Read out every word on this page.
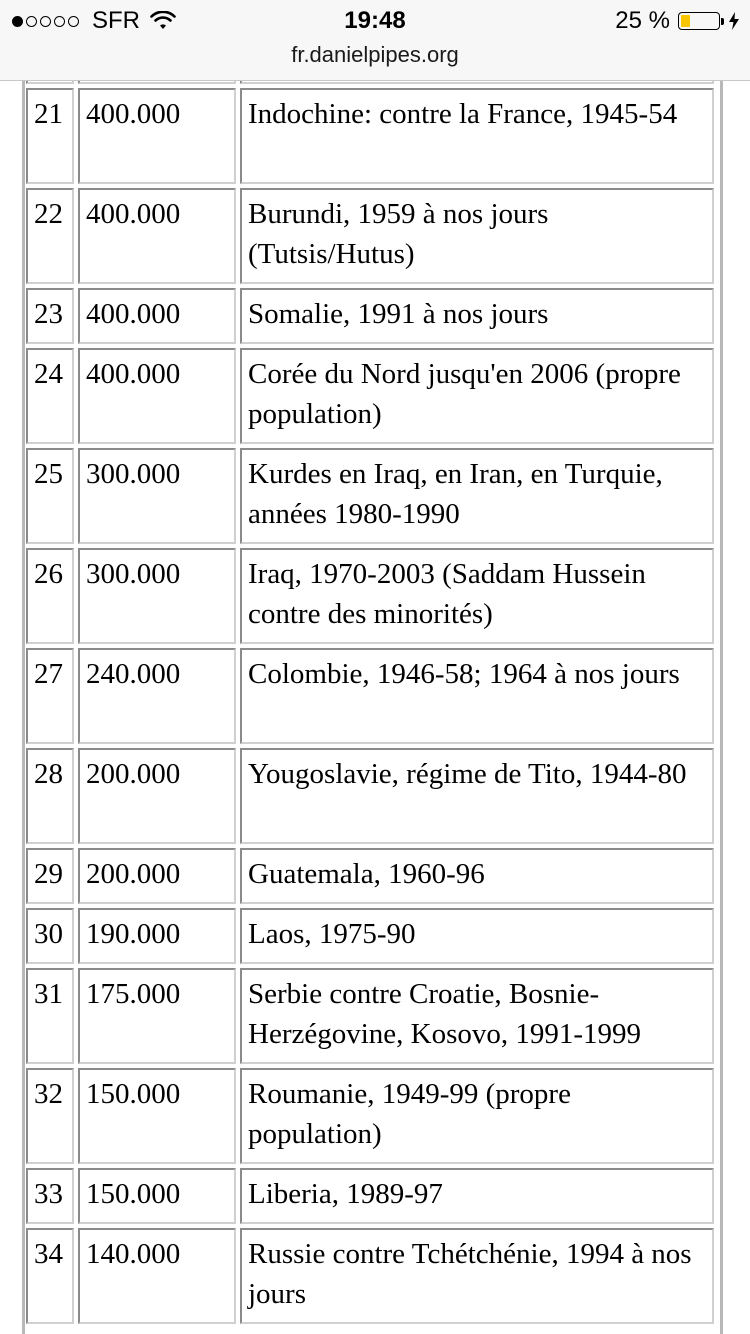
21	400.000	Indochine: contre la France, 1945-54
22	400.000	Burundi, 1959 à nos jours (Tutsis/Hutus)
23	400.000	Somalie, 1991 à nos jours
24	400.000	Corée du Nord jusqu'en 2006 (propre population)
25	300.000	Kurdes en Iraq, en Iran, en Turquie, années 1980-1990
26	300.000	Iraq, 1970-2003 (Saddam Hussein contre des minorités)
27	240.000	Colombie, 1946-58; 1964 à nos jours
28	200.000	Yougoslavie, régime de Tito, 1944-80
29	200.000	Guatemala, 1960-96
30	190.000	Laos, 1975-90
31	175.000	Serbie contre Croatie, Bosnie-Herzégovine, Kosovo, 1991-1999
32	150.000	Roumanie, 1949-99 (propre population)
33	150.000	Liberia, 1989-97
34	140.000	Russie contre Tchétchénie, 1994 à nos jours
SFR	19:48	25 %
fr.danielpipes.org
